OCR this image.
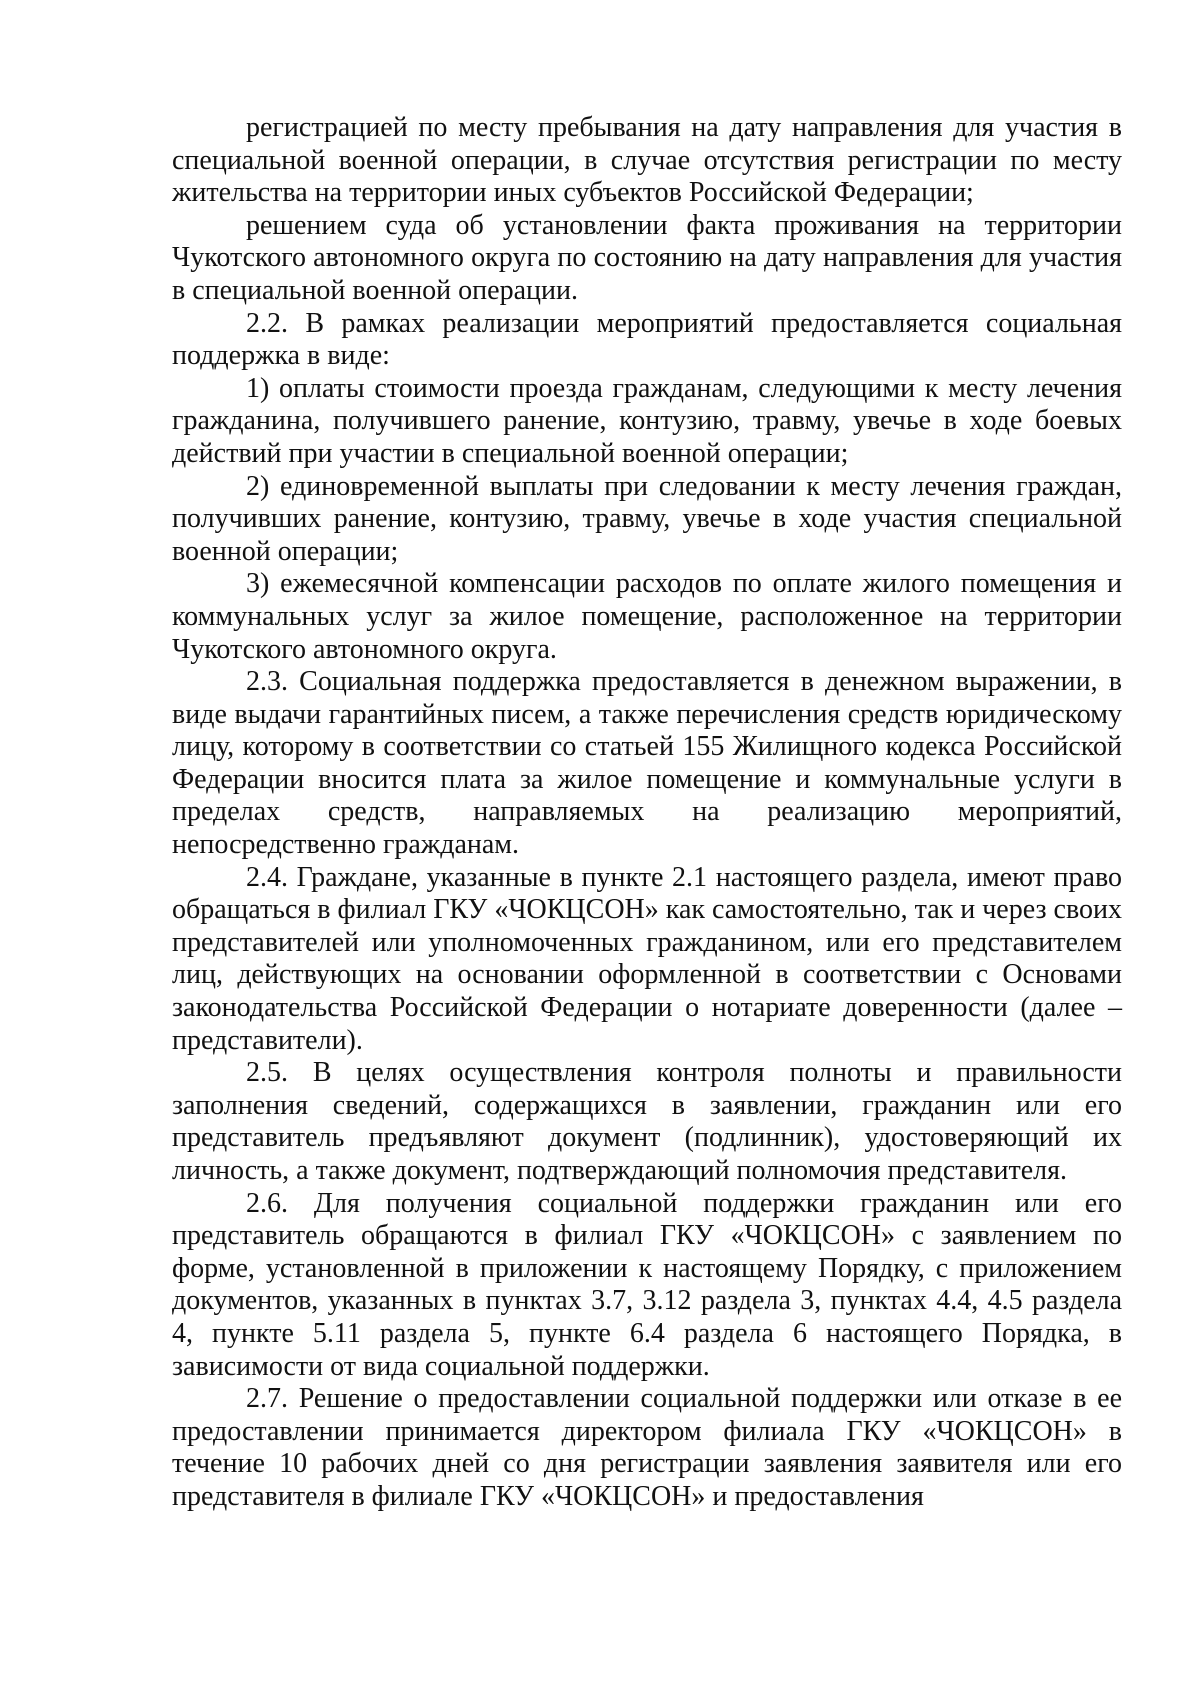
регистрацией по месту пребывания на дату направления для участия в специальной военной операции, в случае отсутствия регистрации по месту жительства на территории иных субъектов Российской Федерации;

решением суда об установлении факта проживания на территории Чукотского автономного округа по состоянию на дату направления для участия в специальной военной операции.

2.2. В рамках реализации мероприятий предоставляется социальная поддержка в виде:

1) оплаты стоимости проезда гражданам, следующими к месту лечения гражданина, получившего ранение, контузию, травму, увечье в ходе боевых действий при участии в специальной военной операции;

2) единовременной выплаты при следовании к месту лечения граждан, получивших ранение, контузию, травму, увечье в ходе участия специальной военной операции;

3) ежемесячной компенсации расходов по оплате жилого помещения и коммунальных услуг за жилое помещение, расположенное на территории Чукотского автономного округа.

2.3. Социальная поддержка предоставляется в денежном выражении, в виде выдачи гарантийных писем, а также перечисления средств юридическому лицу, которому в соответствии со статьей 155 Жилищного кодекса Российской Федерации вносится плата за жилое помещение и коммунальные услуги в пределах средств, направляемых на реализацию мероприятий, непосредственно гражданам.

2.4. Граждане, указанные в пункте 2.1 настоящего раздела, имеют право обращаться в филиал ГКУ «ЧОКЦСОН» как самостоятельно, так и через своих представителей или уполномоченных гражданином, или его представителем лиц, действующих на основании оформленной в соответствии с Основами законодательства Российской Федерации о нотариате доверенности (далее – представители).

2.5. В целях осуществления контроля полноты и правильности заполнения сведений, содержащихся в заявлении, гражданин или его представитель предъявляют документ (подлинник), удостоверяющий их личность, а также документ, подтверждающий полномочия представителя.

2.6. Для получения социальной поддержки гражданин или его представитель обращаются в филиал ГКУ «ЧОКЦСОН» с заявлением по форме, установленной в приложении к настоящему Порядку, с приложением документов, указанных в пунктах 3.7, 3.12 раздела 3, пунктах 4.4, 4.5 раздела 4, пункте 5.11 раздела 5, пункте 6.4 раздела 6 настоящего Порядка, в зависимости от вида социальной поддержки.

2.7. Решение о предоставлении социальной поддержки или отказе в ее предоставлении принимается директором филиала ГКУ «ЧОКЦСОН» в течение 10 рабочих дней со дня регистрации заявления заявителя или его представителя в филиале ГКУ «ЧОКЦСОН» и предоставления
